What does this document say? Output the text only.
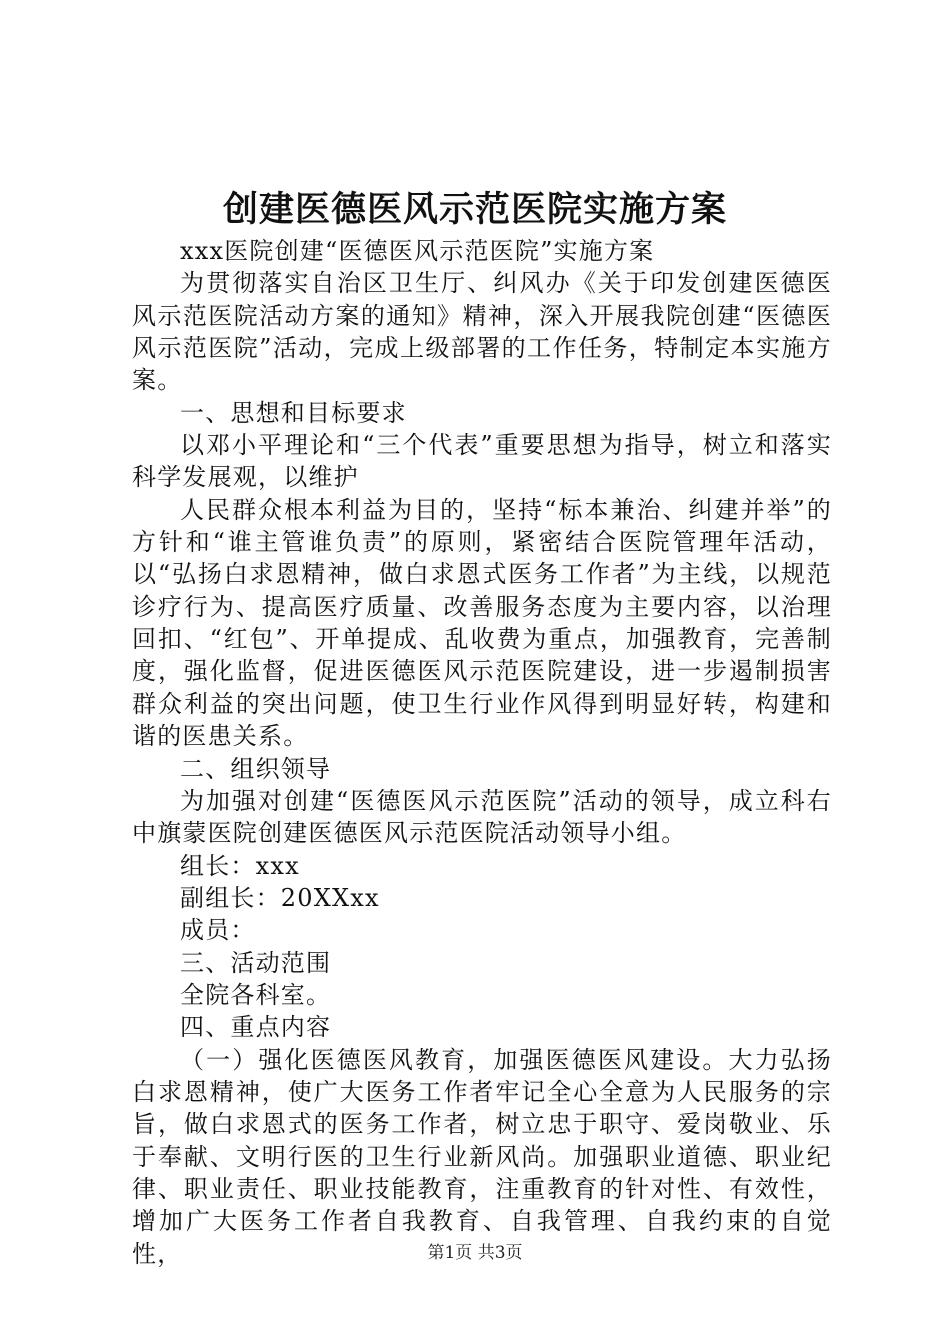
创建医德医风示范医院实施方案

xxx医院创建“医德医风示范医院”实施方案

为贯彻落实自治区卫生厅、纠风办《关于印发创建医德医风示范医院活动方案的通知》精神，深入开展我院创建“医德医风示范医院”活动，完成上级部署的工作任务，特制定本实施方案。

一、思想和目标要求

以邓小平理论和“三个代表”重要思想为指导，树立和落实科学发展观，以维护

人民群众根本利益为目的，坚持“标本兼治、纠建并举”的方针和“谁主管谁负责”的原则，紧密结合医院管理年活动，以“弘扬白求恩精神，做白求恩式医务工作者”为主线，以规范诊疗行为、提高医疗质量、改善服务态度为主要内容，以治理回扣、“红包”、开单提成、乱收费为重点，加强教育，完善制度，强化监督，促进医德医风示范医院建设，进一步遏制损害群众利益的突出问题，使卫生行业作风得到明显好转，构建和谐的医患关系。

二、组织领导

为加强对创建“医德医风示范医院”活动的领导，成立科右中旗蒙医院创建医德医风示范医院活动领导小组。

组长：xxx

副组长：20XXxx

成员：

三、活动范围

全院各科室。

四、重点内容

（一）强化医德医风教育，加强医德医风建设。大力弘扬白求恩精神，使广大医务工作者牢记全心全意为人民服务的宗旨，做白求恩式的医务工作者，树立忠于职守、爱岗敬业、乐于奉献、文明行医的卫生行业新风尚。加强职业道德、职业纪律、职业责任、职业技能教育，注重教育的针对性、有效性，增加广大医务工作者自我教育、自我管理、自我约束的自觉性，	第1页 共3页
